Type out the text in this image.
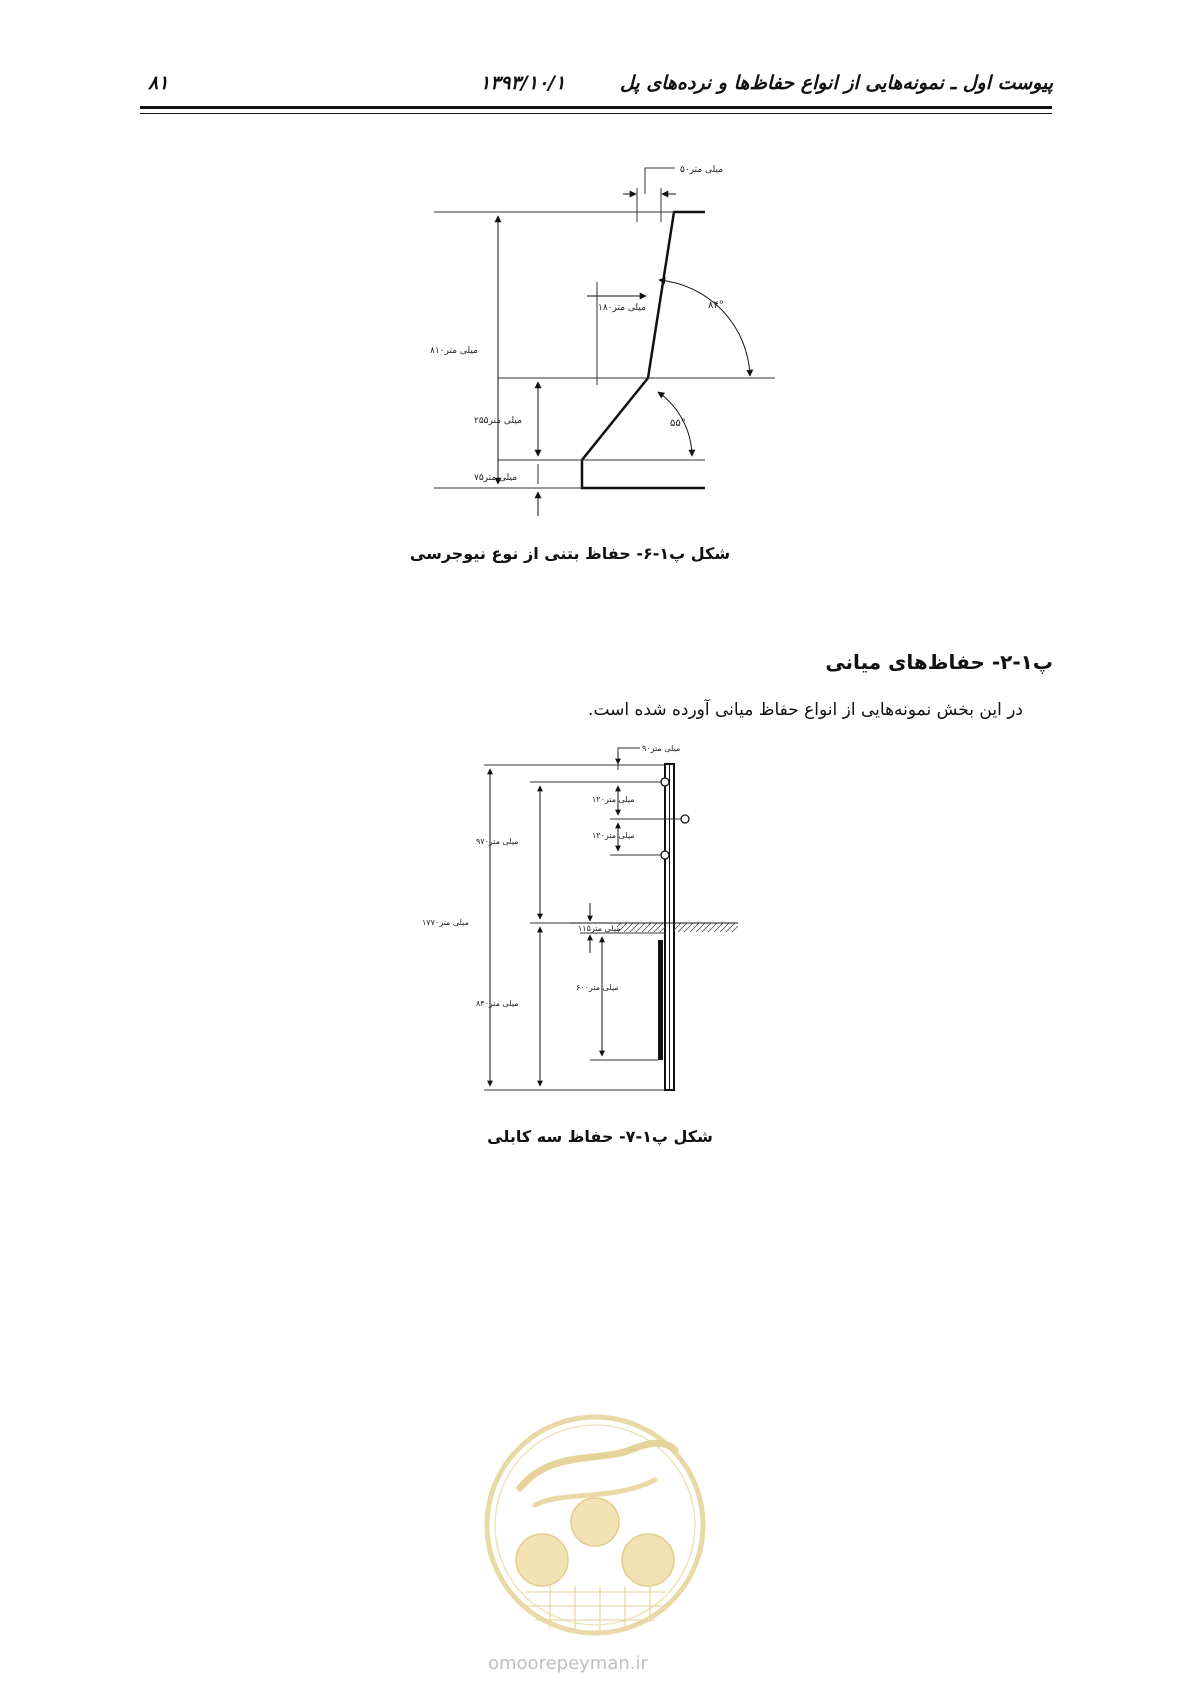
پیوست اول ـ نمونه‌هایی از انواع حفاظ‌ها و نرده‌های پل
۱۳۹۳/۱۰/۱
۸۱
۵۰میلی متر
۱۸۰میلی متر
۸۱۰میلی متر
۲۵۵میلی متر
۷۵میلی متر
۸۴°
۵۵°
شکل پ۱-۶- حفاظ بتنی از نوع نیوجرسی
پ۱-۲- حفاظ‌های میانی
در این بخش نمونه‌هایی از انواع حفاظ میانی آورده شده است.
۹۰میلی متر
۱۲۰میلی متر
۱۲۰میلی متر
۹۷۰میلی متر
۱۷۷۰میلی متر
۱۱۵میلی متر
۶۰۰میلی متر
۸۴۰میلی متر
شکل پ۱-۷- حفاظ سه کابلی
omoorepeyman.ir
